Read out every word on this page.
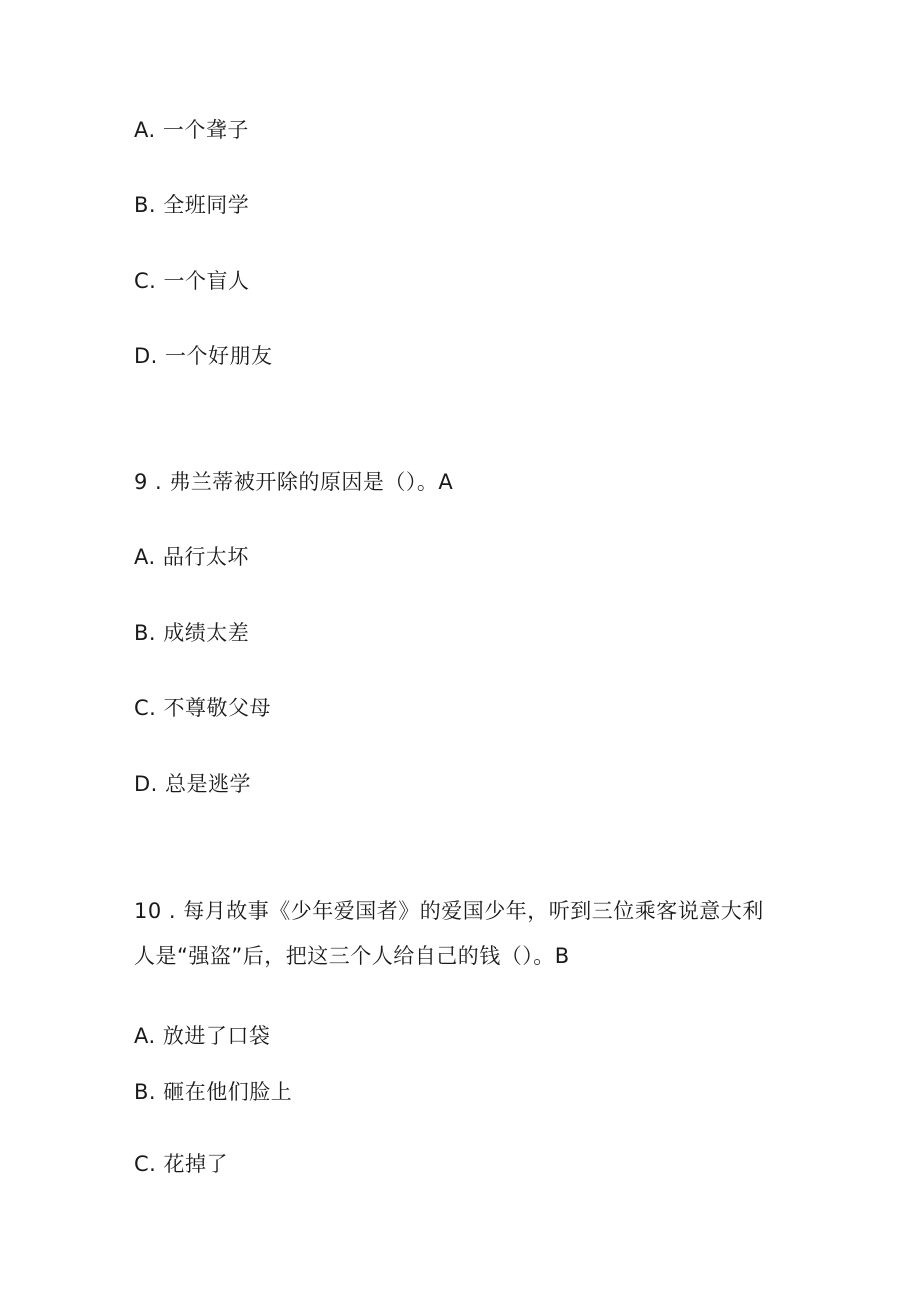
A. 一个聋子
B. 全班同学
C. 一个盲人
D. 一个好朋友
9 . 弗兰蒂被开除的原因是（）。A
A. 品行太坏
B. 成绩太差
C. 不尊敬父母
D. 总是逃学
10 . 每月故事《少年爱国者》的爱国少年，听到三位乘客说意大利
人是“强盗”后，把这三个人给自己的钱（）。B
A. 放进了口袋
B. 砸在他们脸上
C. 花掉了
